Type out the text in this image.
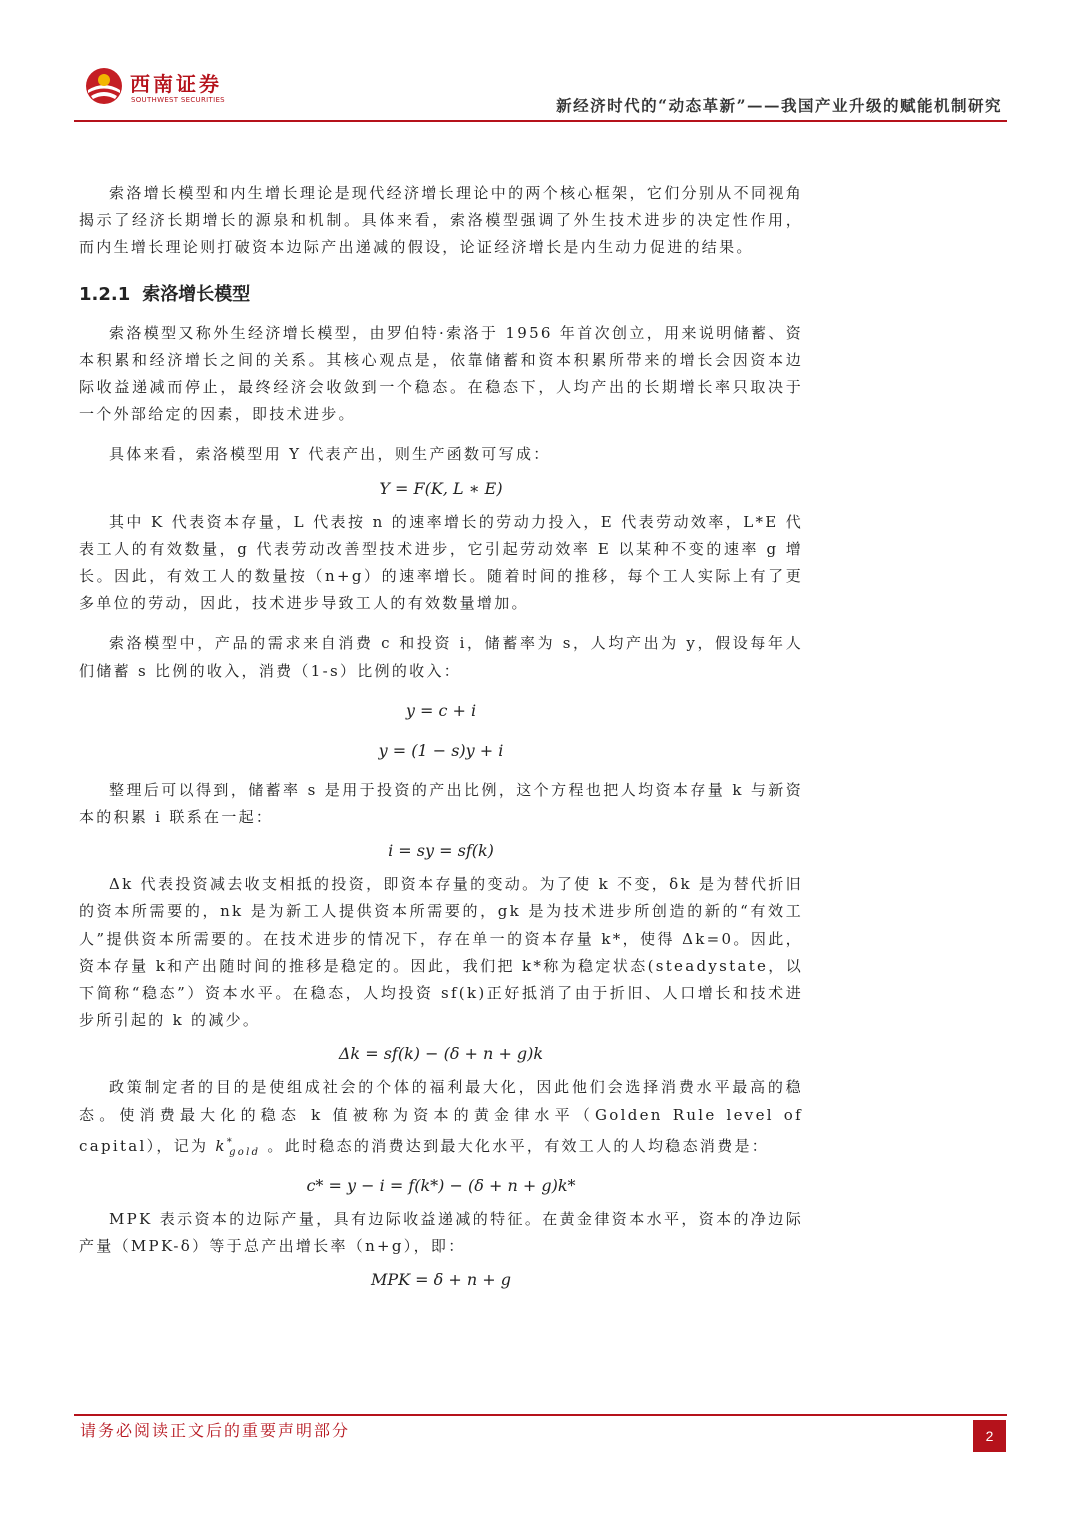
西南证券
SOUTHWEST SECURITIES	新经济时代的“动态革新”——我国产业升级的赋能机制研究

索洛增长模型和内生增长理论是现代经济增长理论中的两个核心框架，它们分别从不同视角揭示了经济长期增长的源泉和机制。具体来看，索洛模型强调了外生技术进步的决定性作用，而内生增长理论则打破资本边际产出递减的假设，论证经济增长是内生动力促进的结果。

1.2.1 索洛增长模型

索洛模型又称外生经济增长模型，由罗伯特·索洛于 1956 年首次创立，用来说明储蓄、资本积累和经济增长之间的关系。其核心观点是，依靠储蓄和资本积累所带来的增长会因资本边际收益递减而停止，最终经济会收敛到一个稳态。在稳态下，人均产出的长期增长率只取决于一个外部给定的因素，即技术进步。

具体来看，索洛模型用 Y 代表产出，则生产函数可写成：

Y = F(K, L ∗ E)

其中 K 代表资本存量，L 代表按 n 的速率增长的劳动力投入，E 代表劳动效率，L*E 代表工人的有效数量，g 代表劳动改善型技术进步，它引起劳动效率 E 以某种不变的速率 g 增长。因此，有效工人的数量按（n+g）的速率增长。随着时间的推移，每个工人实际上有了更多单位的劳动，因此，技术进步导致工人的有效数量增加。

索洛模型中，产品的需求来自消费 c 和投资 i，储蓄率为 s，人均产出为 y，假设每年人们储蓄 s 比例的收入，消费（1-s）比例的收入：

y = c + i
y = (1 − s)y + i

整理后可以得到，储蓄率 s 是用于投资的产出比例，这个方程也把人均资本存量 k 与新资本的积累 i 联系在一起：

i = sy = sf(k)

Δk 代表投资减去收支相抵的投资，即资本存量的变动。为了使 k 不变，δk 是为替代折旧的资本所需要的，nk 是为新工人提供资本所需要的，gk 是为技术进步所创造的新的“有效工人”提供资本所需要的。在技术进步的情况下，存在单一的资本存量 k*，使得 Δk=0。因此，资本存量 k和产出随时间的推移是稳定的。因此，我们把 k*称为稳定状态(steadystate，以下简称“稳态”）资本水平。在稳态，人均投资 sf(k)正好抵消了由于折旧、人口增长和技术进步所引起的 k 的减少。

Δk = sf(k) − (δ + n + g)k

政策制定者的目的是使组成社会的个体的福利最大化，因此他们会选择消费水平最高的稳态。使消费最大化的稳态 k 值被称为资本的黄金律水平（Golden Rule level of capital），记为 $k^*_{gold}$ 。此时稳态的消费达到最大化水平，有效工人的人均稳态消费是：

c* = y − i = f(k*) − (δ + n + g)k*

MPK 表示资本的边际产量，具有边际收益递减的特征。在黄金律资本水平，资本的净边际产量（MPK-δ）等于总产出增长率（n+g），即：

MPK = δ + n + g
请务必阅读正文后的重要声明部分	2
